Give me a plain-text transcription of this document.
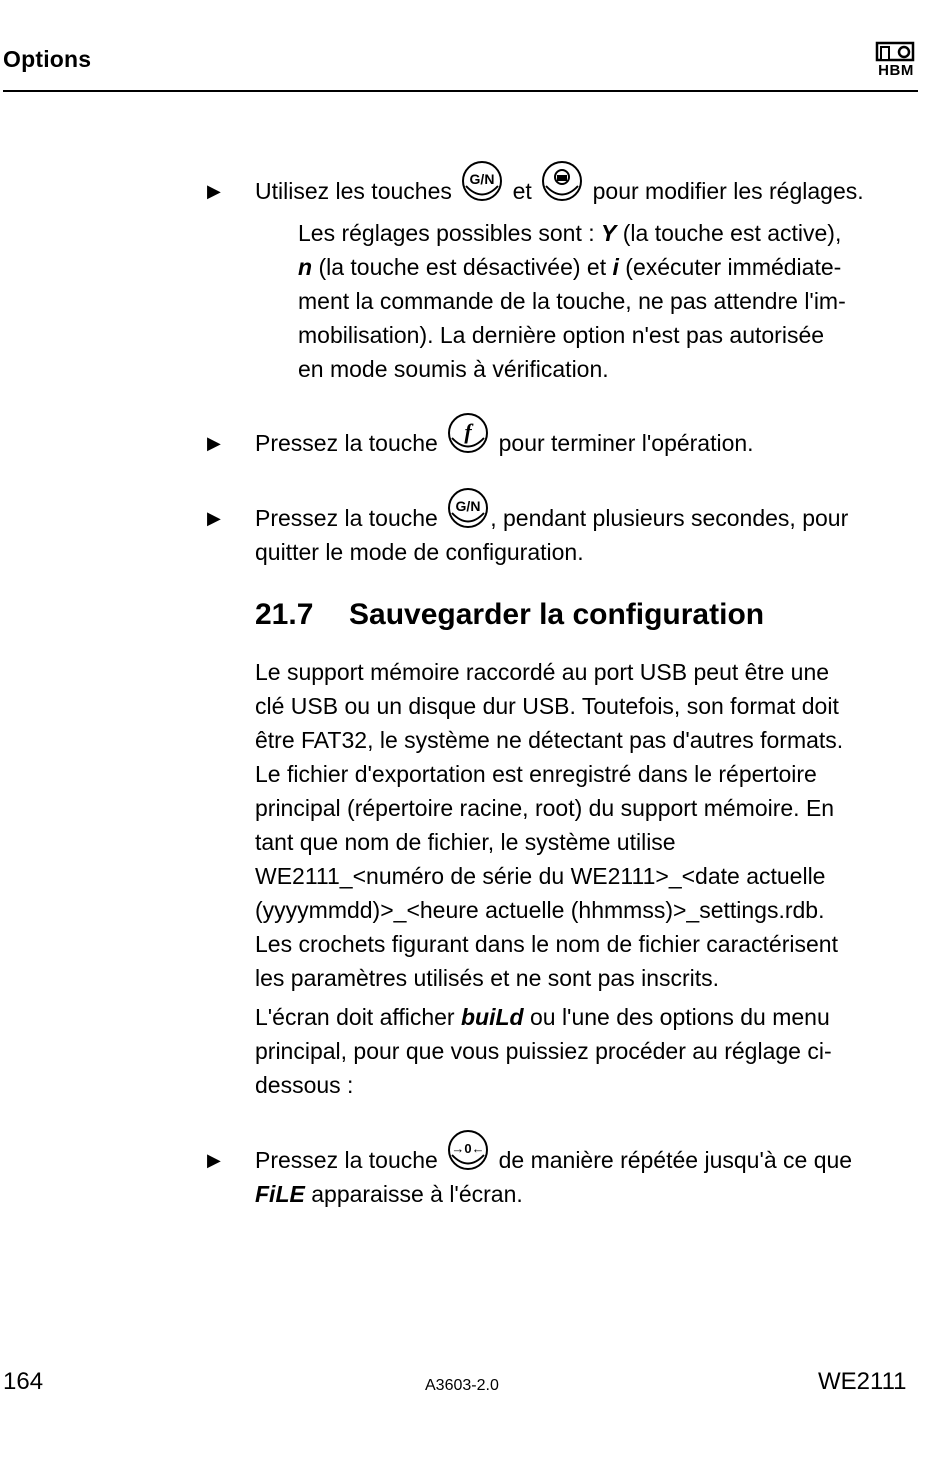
Options	HBM
▶ Utilisez les touches G/N et	pour modifier les réglages.
Les réglages possibles sont : Y (la touche est active),
n (la touche est désactivée) et i (exécuter immédiate-
ment la commande de la touche, ne pas attendre l'im-
mobilisation). La dernière option n'est pas autorisée
en mode soumis à vérification.
▶ Pressez la touche f pour terminer l'opération.
▶ Pressez la touche G/N , pendant plusieurs secondes, pour
quitter le mode de configuration.
21.7 Sauvegarder la configuration
Le support mémoire raccordé au port USB peut être une
clé USB ou un disque dur USB. Toutefois, son format doit
être FAT32, le système ne détectant pas d'autres formats.
Le fichier d'exportation est enregistré dans le répertoire
principal (répertoire racine, root) du support mémoire. En
tant que nom de fichier, le système utilise
WE2111_<numéro de série du WE2111>_<date actuelle
(yyyymmdd)>_<heure actuelle (hhmmss)>_settings.rdb.
Les crochets figurant dans le nom de fichier caractérisent
les paramètres utilisés et ne sont pas inscrits.
L'écran doit afficher buiLd ou l'une des options du menu
principal, pour que vous puissiez procéder au réglage ci-
dessous :
▶ Pressez la touche →0← de manière répétée jusqu'à ce que
FiLE apparaisse à l'écran.
164	A3603-2.0	WE2111
